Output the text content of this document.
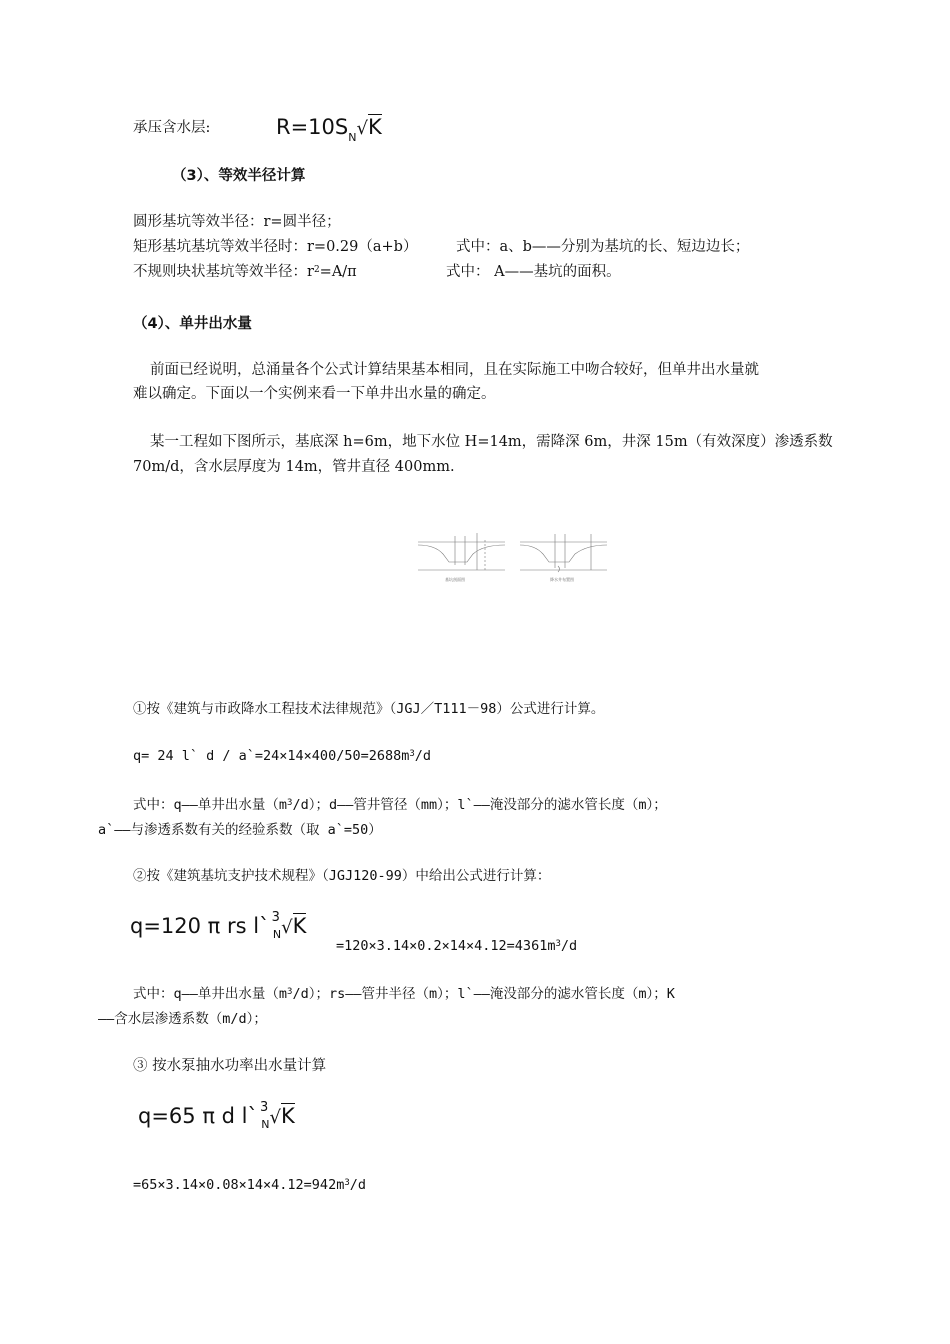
承压含水层:	$R=10S_N√K$
（3）、等效半径计算
圆形基坑等效半径：r=圆半径；
矩形基坑基坑等效半径时：r=0.29（a+b）	式中：a、b——分别为基坑的长、短边边长；
不规则块状基坑等效半径：$r^2=A/\pi$	式中： A——基坑的面积。
（4）、单井出水量
前面已经说明，总涌量各个公式计算结果基本相同，且在实际施工中吻合较好，但单井出水量就
难以确定。下面以一个实例来看一下单井出水量的确定。
某一工程如下图所示，基底深 h=6m，地下水位 H=14m，需降深 6m，井深 15m（有效深度）渗透系数
70m/d，含水层厚度为 14m，管井直径 400mm.
基坑剖面图	降水井布置图
①按《建筑与市政降水工程技术法律规范》（JGJ／T111－98）公式进行计算。
q= 24 l` $d / a`=24\times 14\times 400/50=2688m^3/d$
式中：q——单井出水量$(m^3/d)$；d——管井管径（mm）；l`——淹没部分的滤水管长度（m）；
a`——与渗透系数有关的经验系数（取 a`=50）
②按《建筑基坑支护技术规程》（JGJ120-99）中给出公式进行计算：
q=120 π rs l` $^3_N$√K
$=120\times 3.14\times 0.2\times 14\times 4.12=4361m^3/d$
式中：q——单井出水量$(m^3/d)$；rs——管井半径（m）；l`——淹没部分的滤水管长度（m）；K
——含水层渗透系数（m/d）；
③ 按水泵抽水功率出水量计算
q=65 π d l` $^3_N$√K
$=65\times 3.14\times 0.08\times 14\times 4.12=942m^3/d$
